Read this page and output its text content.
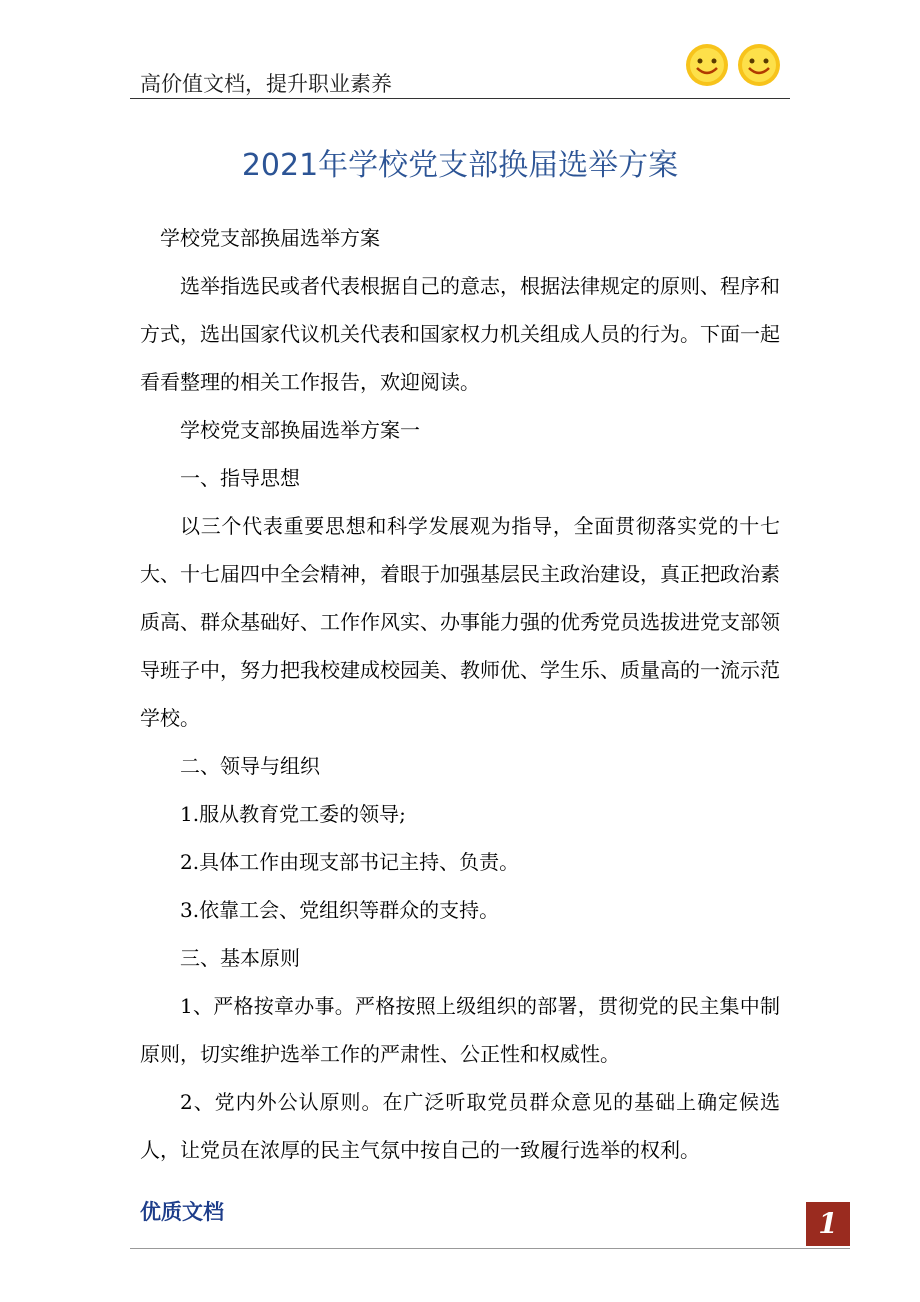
高价值文档，提升职业素养
2021年学校党支部换届选举方案

学校党支部换届选举方案

选举指选民或者代表根据自己的意志，根据法律规定的原则、程序和方式，选出国家代议机关代表和国家权力机关组成人员的行为。下面一起看看整理的相关工作报告，欢迎阅读。

学校党支部换届选举方案一

一、指导思想

以三个代表重要思想和科学发展观为指导，全面贯彻落实党的十七大、十七届四中全会精神，着眼于加强基层民主政治建设，真正把政治素质高、群众基础好、工作作风实、办事能力强的优秀党员选拔进党支部领导班子中，努力把我校建成校园美、教师优、学生乐、质量高的一流示范学校。

二、领导与组织

1.服从教育党工委的领导;

2.具体工作由现支部书记主持、负责。

3.依靠工会、党组织等群众的支持。

三、基本原则

1、严格按章办事。严格按照上级组织的部署，贯彻党的民主集中制原则，切实维护选举工作的严肃性、公正性和权威性。

2、党内外公认原则。在广泛听取党员群众意见的基础上确定候选人，让党员在浓厚的民主气氛中按自己的一致履行选举的权利。

优质文档	1
